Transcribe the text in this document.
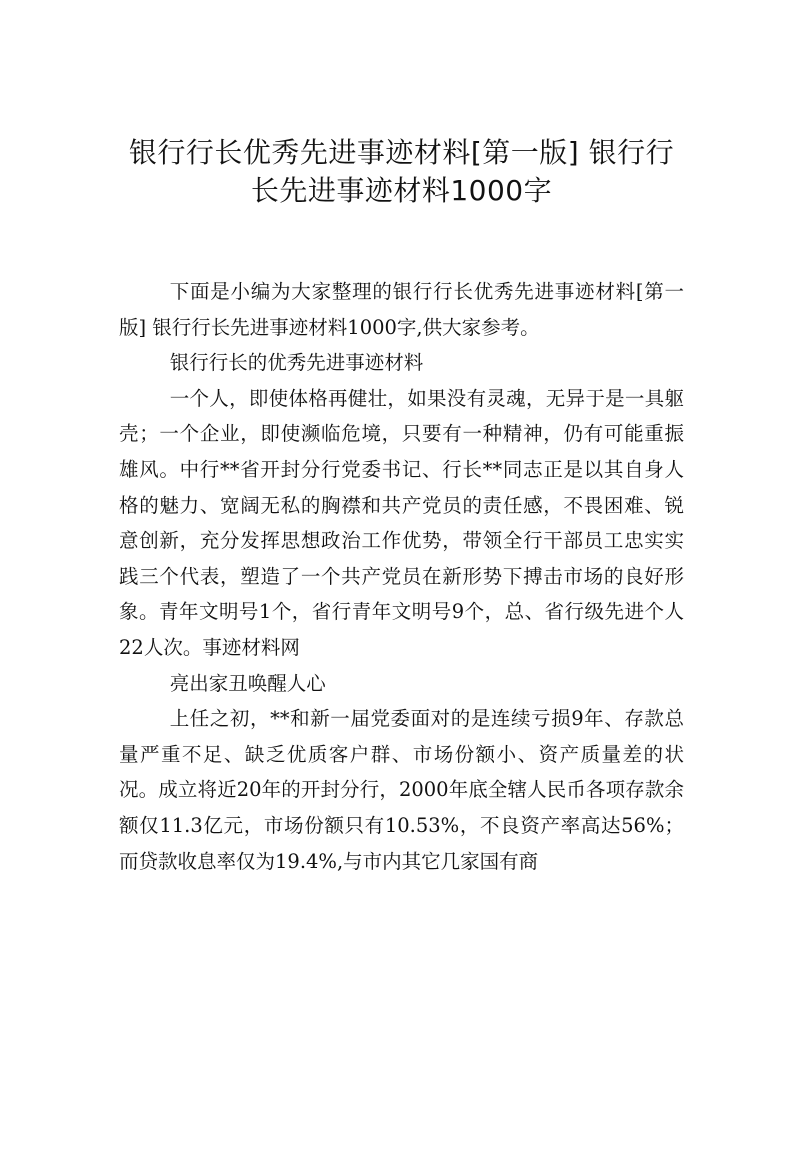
银行行长优秀先进事迹材料[第一版] 银行行长先进事迹材料1000字

下面是小编为大家整理的银行行长优秀先进事迹材料[第一版] 银行行长先进事迹材料1000字,供大家参考。

银行行长的优秀先进事迹材料

一个人，即使体格再健壮，如果没有灵魂，无异于是一具躯壳；一个企业，即使濒临危境，只要有一种精神，仍有可能重振雄风。中行**省开封分行党委书记、行长**同志正是以其自身人格的魅力、宽阔无私的胸襟和共产党员的责任感，不畏困难、锐意创新，充分发挥思想政治工作优势，带领全行干部员工忠实实践三个代表，塑造了一个共产党员在新形势下搏击市场的良好形象。青年文明号1个，省行青年文明号9个，总、省行级先进个人22人次。事迹材料网

亮出家丑唤醒人心

上任之初，**和新一届党委面对的是连续亏损9年、存款总量严重不足、缺乏优质客户群、市场份额小、资产质量差的状况。成立将近20年的开封分行，2000年底全辖人民币各项存款余额仅11.3亿元，市场份额只有10.53%，不良资产率高达56%；而贷款收息率仅为19.4%,与市内其它几家国有商
